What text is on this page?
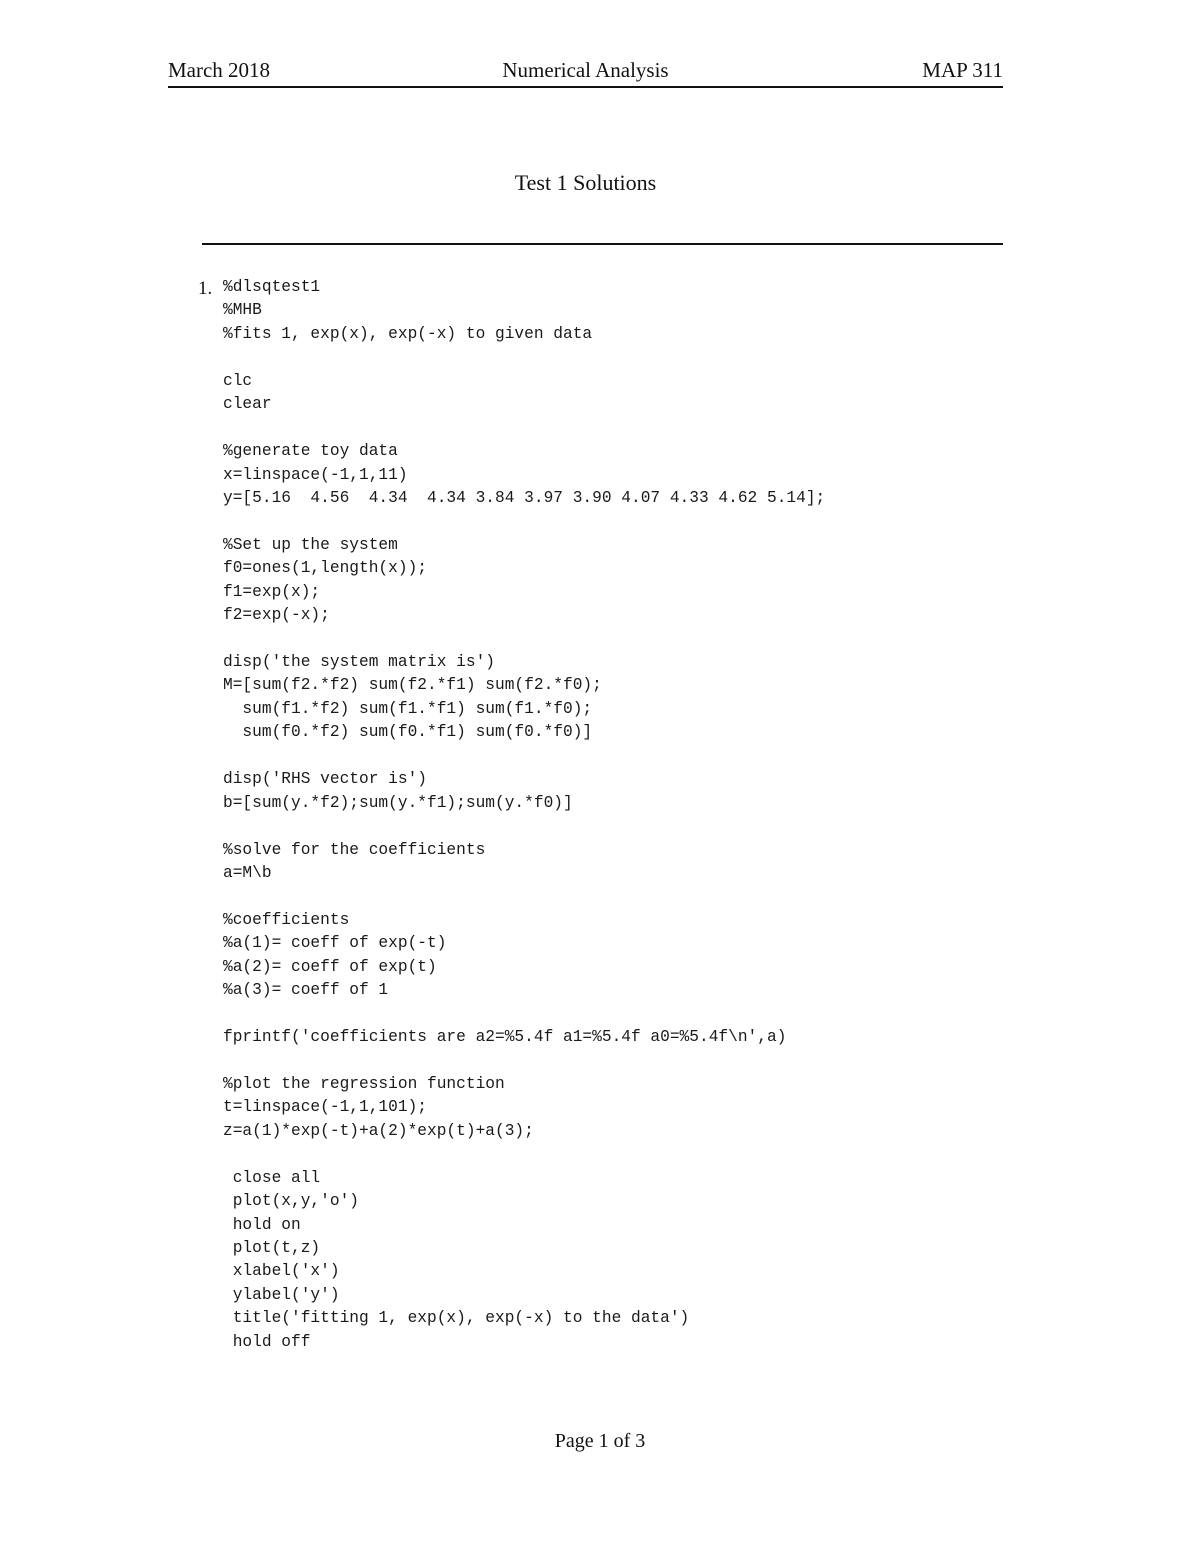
March 2018	Numerical Analysis	MAP 311
Test 1 Solutions
1. %dlsqtest1
%MHB
%fits 1, exp(x), exp(-x) to given data

clc
clear

%generate toy data
x=linspace(-1,1,11)
y=[5.16  4.56  4.34  4.34 3.84 3.97 3.90 4.07 4.33 4.62 5.14];

%Set up the system
f0=ones(1,length(x));
f1=exp(x);
f2=exp(-x);

disp('the system matrix is')
M=[sum(f2.*f2) sum(f2.*f1) sum(f2.*f0);
sum(f1.*f2) sum(f1.*f1) sum(f1.*f0);
sum(f0.*f2) sum(f0.*f1) sum(f0.*f0)]

disp('RHS vector is')
b=[sum(y.*f2);sum(y.*f1);sum(y.*f0)]

%solve for the coefficients
a=M\b

%coefficients
%a(1)= coeff of exp(-t)
%a(2)= coeff of exp(t)
%a(3)= coeff of 1

fprintf('coefficients are a2=%5.4f a1=%5.4f a0=%5.4f\n',a)

%plot the regression function
t=linspace(-1,1,101);
z=a(1)*exp(-t)+a(2)*exp(t)+a(3);

close all
plot(x,y,'o')
hold on
plot(t,z)
xlabel('x')
ylabel('y')
title('fitting 1, exp(x), exp(-x) to the data')
hold off
Page 1 of 3
